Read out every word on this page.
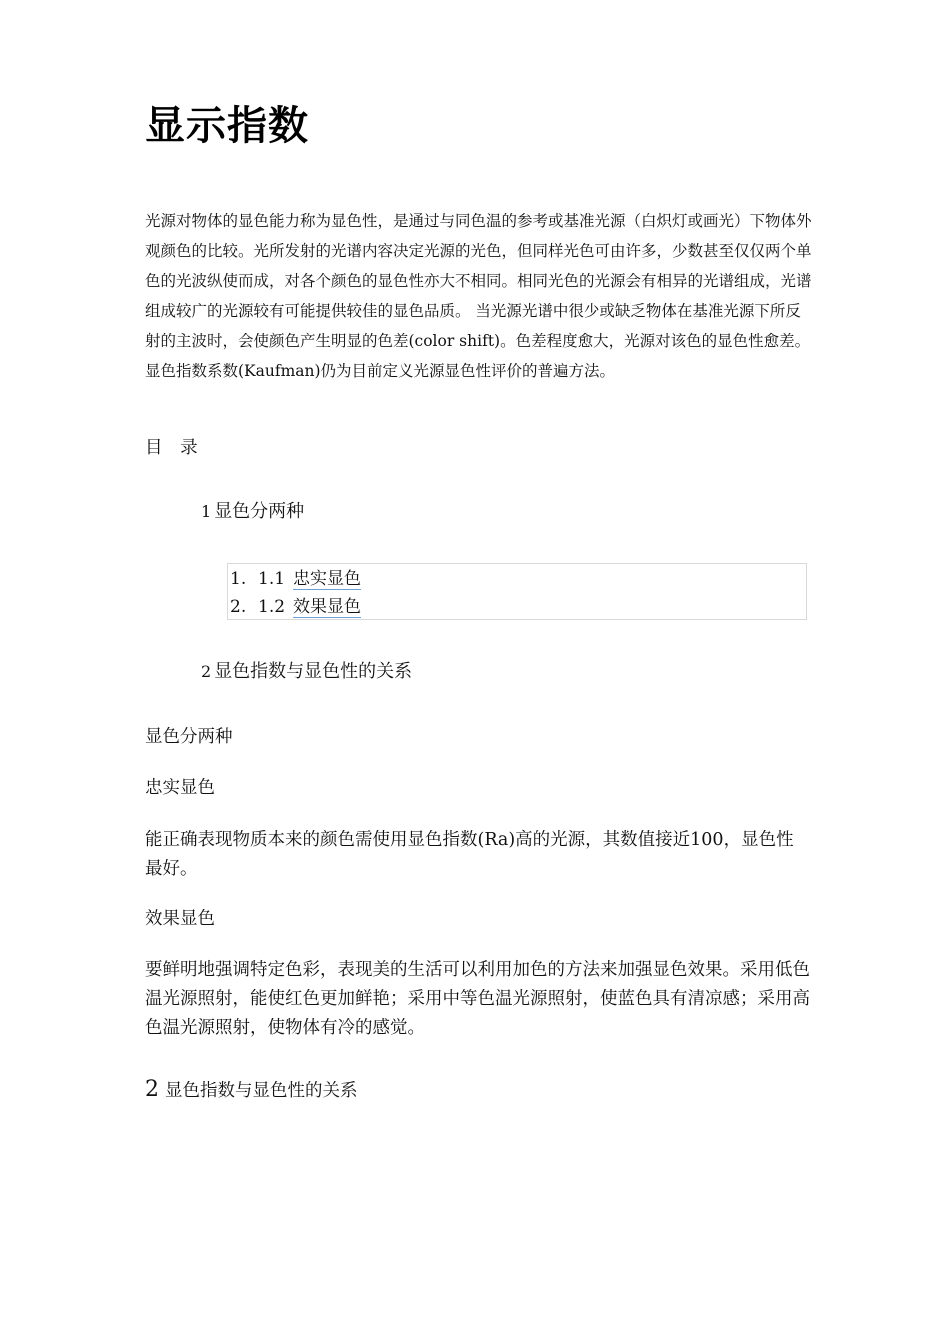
显示指数

光源对物体的显色能力称为显色性，是通过与同色温的参考或基准光源（白炽灯或画光）下物体外观颜色的比较。光所发射的光谱内容决定光源的光色，但同样光色可由许多，少数甚至仅仅两个单色的光波纵使而成，对各个颜色的显色性亦大不相同。相同光色的光源会有相异的光谱组成，光谱组成较广的光源较有可能提供较佳的显色品质。 当光源光谱中很少或缺乏物体在基准光源下所反射的主波时，会使颜色产生明显的色差(color shift)。色差程度愈大，光源对该色的显色性愈差。显色指数系数(Kaufman)仍为目前定义光源显色性评价的普遍方法。

目 录
1 显色分两种
1. 1.1 忠实显色
2. 1.2 效果显色
2 显色指数与显色性的关系

显色分两种

忠实显色

能正确表现物质本来的颜色需使用显色指数(Ra)高的光源，其数值接近100，显色性最好。

效果显色

要鲜明地强调特定色彩，表现美的生活可以利用加色的方法来加强显色效果。采用低色温光源照射，能使红色更加鲜艳；采用中等色温光源照射，使蓝色具有清凉感；采用高色温光源照射，使物体有冷的感觉。

2 显色指数与显色性的关系
